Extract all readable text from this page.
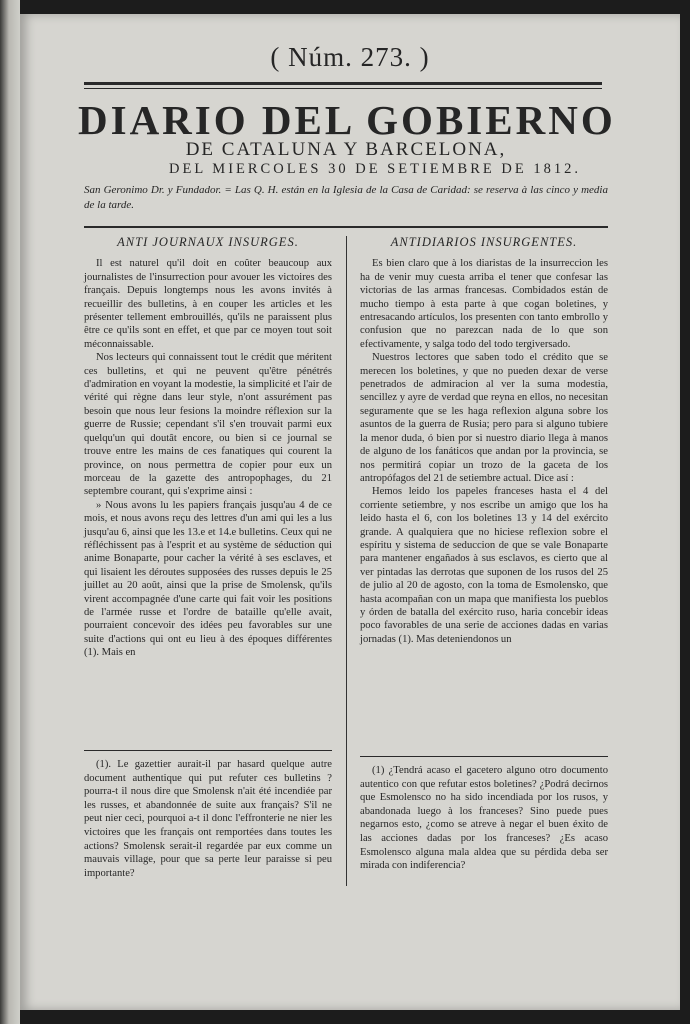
( Núm. 273. )
DIARIO DEL GOBIERNO
DE CATALUNA Y BARCELONA,
DEL MIERCOLES 30 DE SETIEMBRE DE 1812.
San Geronimo Dr. y Fundador. = Las Q. H. están en la Iglesia de la Casa de Caridad: se reserva à las cinco y media de la tarde.
ANTI JOURNAUX INSURGES.

Il est naturel qu'il doit en coûter beaucoup aux journalistes de l'insurrection pour avouer les victoires des français. Depuis longtemps nous les avons invités à recueillir des bulletins, à en couper les articles et les présenter tellement embrouillés, qu'ils ne paraissent plus être ce qu'ils sont en effet, et que par ce moyen tout soit méconnaissable.

Nos lecteurs qui connaissent tout le crédit que méritent ces bulletins, et qui ne peuvent qu'être pénétrés d'admiration en voyant la modestie, la simplicité et l'air de vérité qui règne dans leur style, n'ont assurément pas besoin que nous leur fesions la moindre réflexion sur la guerre de Russie; cependant s'il s'en trouvait parmi eux quelqu'un qui doutât encore, ou bien si ce journal se trouve entre les mains de ces fanatiques qui courent la province, on nous permettra de copier pour eux un morceau de la gazette des antropophages, du 21 septembre courant, qui s'exprime ainsi :

» Nous avons lu les papiers français jusqu'au 4 de ce mois, et nous avons reçu des lettres d'un ami qui les a lus jusqu'au 6, ainsi que les 13.e et 14.e bulletins. Ceux qui ne réfléchissent pas à l'esprit et au système de séduction qui anime Bonaparte, pour cacher la vérité à ses esclaves, et qui lisaient les déroutes supposées des russes depuis le 25 juillet au 20 août, ainsi que la prise de Smolensk, qu'ils virent accompagnée d'une carte qui fait voir les positions de l'armée russe et l'ordre de bataille qu'elle avait, pourraient concevoir des idées peu favorables sur une suite d'actions qui ont eu lieu à des époques différentes (1). Mais en

ANTIDIARIOS INSURGENTES.

Es bien claro que à los diaristas de la insurreccion les ha de venir muy cuesta arriba el tener que confesar las victorias de las armas francesas. Combidados están de mucho tiempo à esta parte à que cogan boletines, y entresacando artículos, los presenten con tanto embrollo y confusion que no parezcan nada de lo que son efectivamente, y salga todo del todo tergiversado.

Nuestros lectores que saben todo el crédito que se merecen los boletines, y que no pueden dexar de verse penetrados de admiracion al ver la suma modestia, sencillez y ayre de verdad que reyna en ellos, no necesitan seguramente que se les haga reflexion alguna sobre los asuntos de la guerra de Rusia; pero para si alguno tubiere la menor duda, ó bien por si nuestro diario llega à manos de alguno de los fanáticos que andan por la provincia, se nos permitirá copiar un trozo de la gaceta de los antropófagos del 21 de setiembre actual. Dice así :

Hemos leido los papeles franceses hasta el 4 del corriente setiembre, y nos escribe un amigo que los ha leido hasta el 6, con los boletines 13 y 14 del exército grande. A qualquiera que no hiciese reflexion sobre el espíritu y sistema de seduccion de que se vale Bonaparte para mantener engañados à sus esclavos, es cierto que al ver pintadas las derrotas que suponen de los rusos del 25 de julio al 20 de agosto, con la toma de Esmolensko, que hasta acompañan con un mapa que manifiesta los pueblos y órden de batalla del exército ruso, haria concebir ideas poco favorables de una serie de acciones dadas en varias jornadas (1). Mas deteniendonos un

(1). Le gazettier aurait-il par hasard quelque autre document authentique qui put refuter ces bulletins ? pourra-t il nous dire que Smolensk n'ait été incendiée par les russes, et abandonnée de suite aux français? S'il ne peut nier ceci, pourquoi a-t il donc l'effronterie ne nier les victoires que les français ont remportées dans toutes les actions? Smolensk serait-il regardée par eux comme un mauvais village, pour que sa perte leur paraisse si peu importante?

(1) ¿Tendrá acaso el gacetero alguno otro documento autentico con que refutar estos boletines? ¿Podrá decirnos que Esmolensco no ha sido incendiada por los rusos, y abandonada luego à los franceses? Sino puede pues negarnos esto, ¿como se atreve à negar el buen éxito de las acciones dadas por los franceses? ¿Es acaso Esmolensco alguna mala aldea que su pérdida deba ser mirada con indiferencia?
